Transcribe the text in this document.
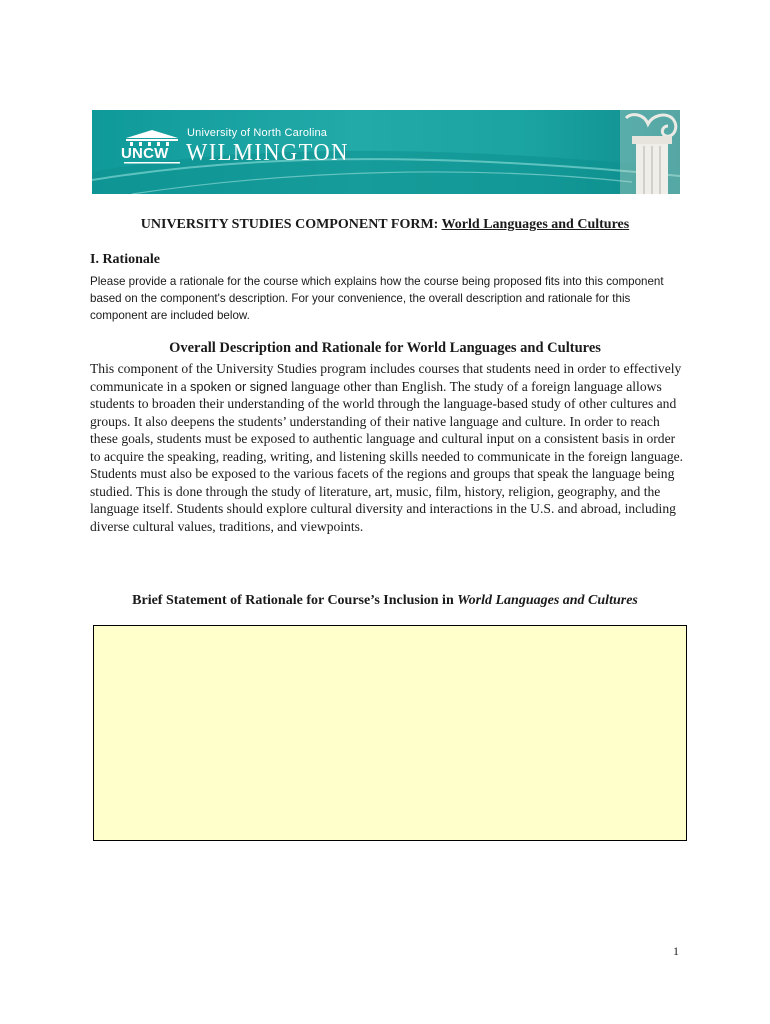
UNCW
University of North Carolina
WILMINGTON
UNIVERSITY STUDIES COMPONENT FORM: World Languages and Cultures
I. Rationale
Please provide a rationale for the course which explains how the course being proposed fits into this component based on the component's description. For your convenience, the overall description and rationale for this component are included below.
Overall Description and Rationale for World Languages and Cultures
This component of the University Studies program includes courses that students need in order to effectively communicate in a spoken or signed language other than English. The study of a foreign language allows students to broaden their understanding of the world through the language-based study of other cultures and groups. It also deepens the students’ understanding of their native language and culture. In order to reach these goals, students must be exposed to authentic language and cultural input on a consistent basis in order to acquire the speaking, reading, writing, and listening skills needed to communicate in the foreign language. Students must also be exposed to the various facets of the regions and groups that speak the language being studied. This is done through the study of literature, art, music, film, history, religion, geography, and the language itself. Students should explore cultural diversity and interactions in the U.S. and abroad, including diverse cultural values, traditions, and viewpoints.
Brief Statement of Rationale for Course’s Inclusion in World Languages and Cultures
1
